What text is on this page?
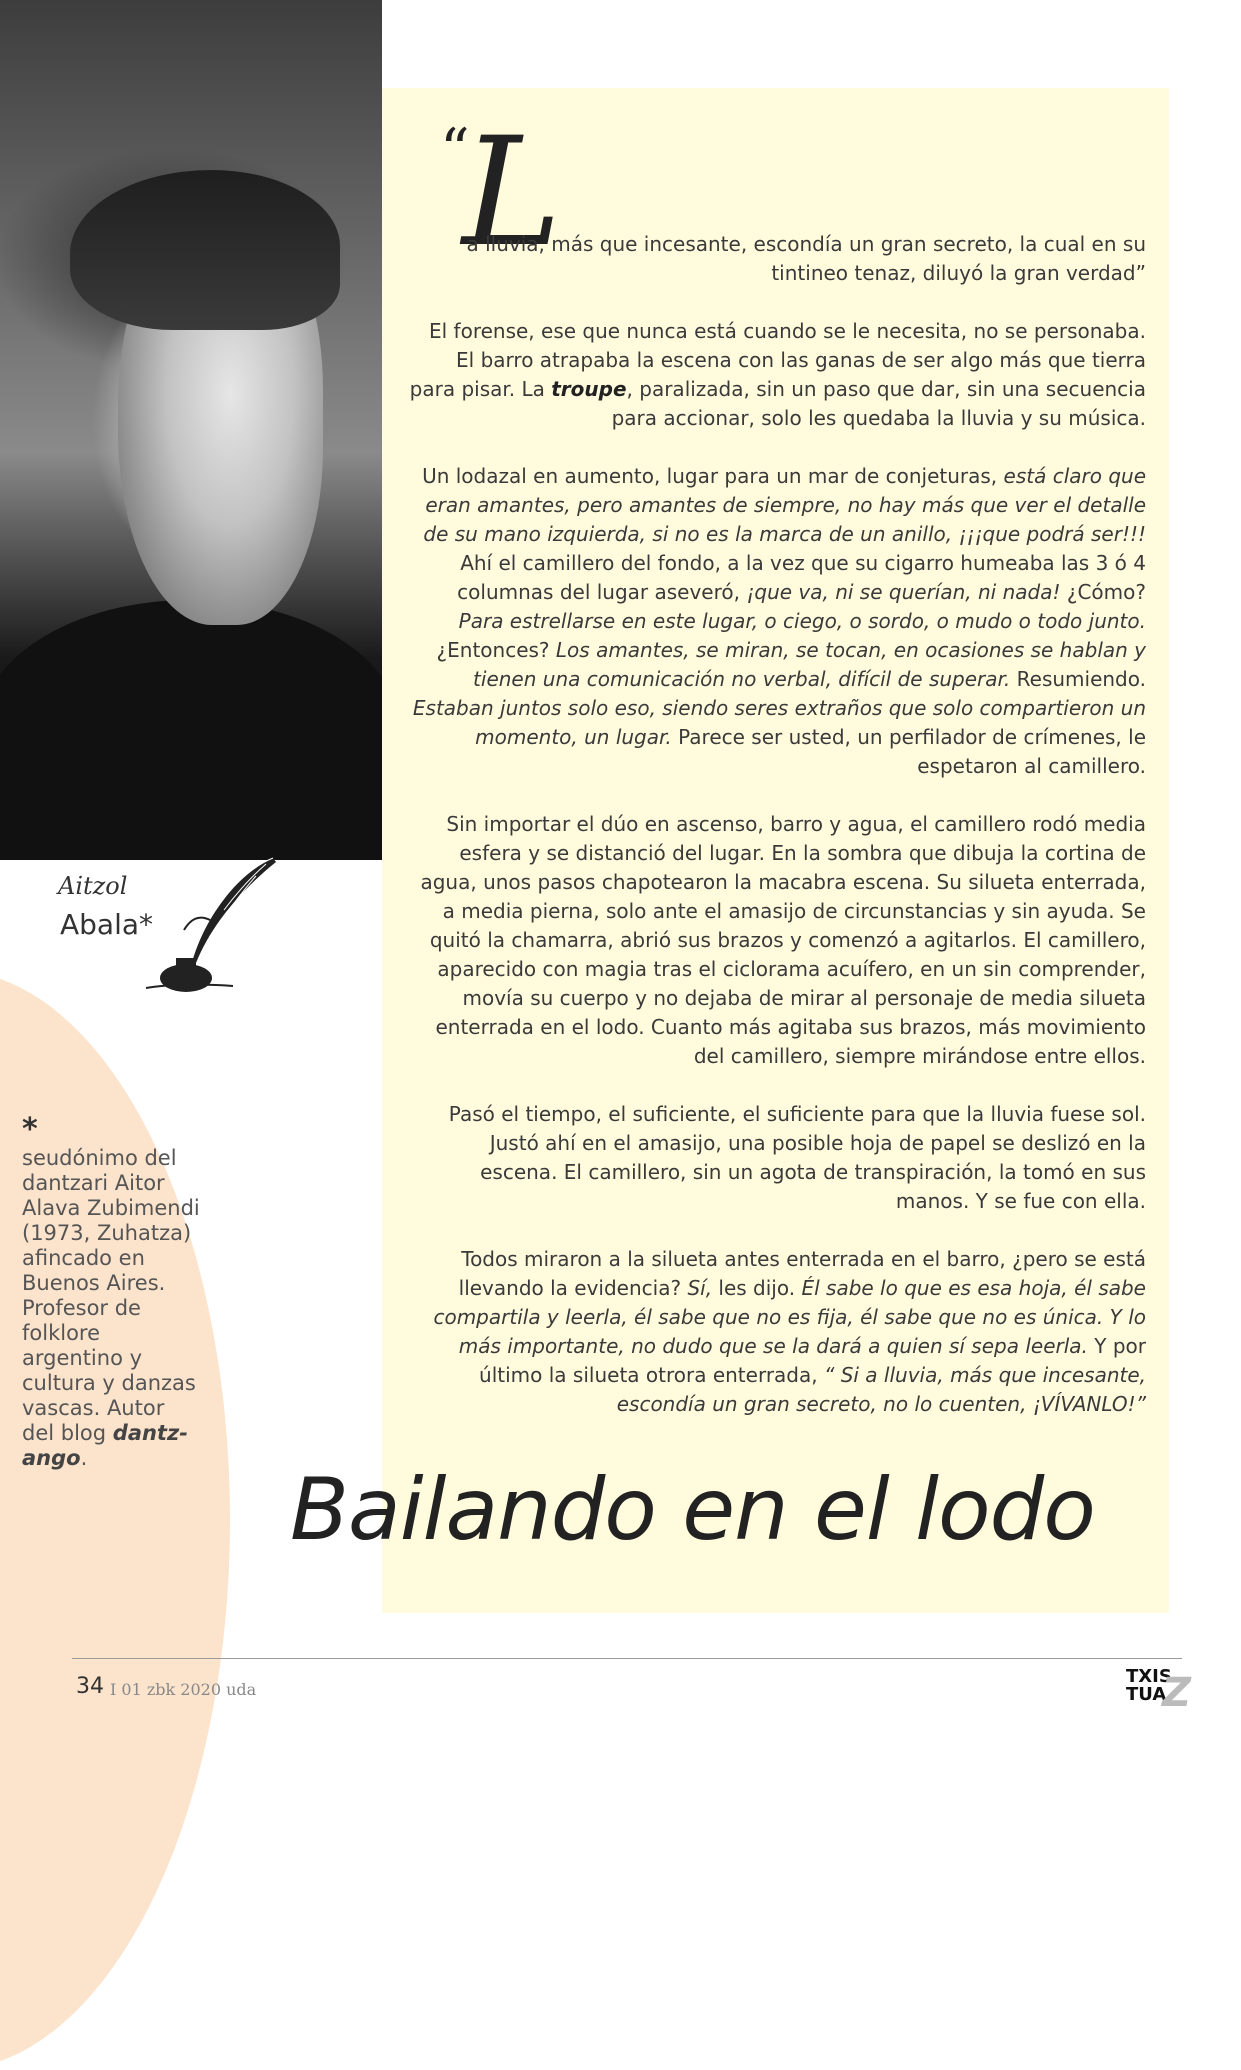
“
L
a lluvia, más que incesante, escondía un gran secreto, la cual en su tintineo tenaz, diluyó la gran verdad”

El forense, ese que nunca está cuando se le necesita, no se personaba. El barro atrapaba la escena con las ganas de ser algo más que tierra para pisar. La troupe, paralizada, sin un paso que dar, sin una secuencia para accionar, solo les quedaba la lluvia y su música.

Un lodazal en aumento, lugar para un mar de conjeturas, está claro que eran amantes, pero amantes de siempre, no hay más que ver el detalle de su mano izquierda, si no es la marca de un anillo, ¡¡¡que podrá ser!!! Ahí el camillero del fondo, a la vez que su cigarro humeaba las 3 ó 4 columnas del lugar aseveró, ¡que va, ni se querían, ni nada! ¿Cómo? Para estrellarse en este lugar, o ciego, o sordo, o mudo o todo junto. ¿Entonces? Los amantes, se miran, se tocan, en ocasiones se hablan y tienen una comunicación no verbal, difícil de superar. Resumiendo. Estaban juntos solo eso, siendo seres extraños que solo compartieron un momento, un lugar. Parece ser usted, un perfilador de crímenes, le espetaron al camillero.

Sin importar el dúo en ascenso, barro y agua, el camillero rodó media esfera y se distanció del lugar. En la sombra que dibuja la cortina de agua, unos pasos chapotearon la macabra escena. Su silueta enterrada, a media pierna, solo ante el amasijo de circunstancias y sin ayuda. Se quitó la chamarra, abrió sus brazos y comenzó a agitarlos. El camillero, aparecido con magia tras el ciclorama acuífero, en un sin comprender, movía su cuerpo y no dejaba de mirar al personaje de media silueta enterrada en el lodo. Cuanto más agitaba sus brazos, más movimiento del camillero, siempre mirándose entre ellos.

Pasó el tiempo, el suficiente, el suficiente para que la lluvia fuese sol. Justó ahí en el amasijo, una posible hoja de papel se deslizó en la escena. El camillero, sin un agota de transpiración, la tomó en sus manos. Y se fue con ella.

Todos miraron a la silueta antes enterrada en el barro, ¿pero se está llevando la evidencia? Sí, les dijo. Él sabe lo que es esa hoja, él sabe compartila y leerla, él sabe que no es fija, él sabe que no es única. Y lo más importante, no dudo que se la dará a quien sí sepa leerla. Y por último la silueta otrora enterrada, “ Si a lluvia, más que incesante, escondía un gran secreto, no lo cuenten, ¡VÍVANLO!”

Aitzol
Abala*
*
seudónimo del dantzari Aitor Alava Zubimendi (1973, Zuhatza) afincado en Buenos Aires. Profesor de folklore argentino y cultura y danzas vascas. Autor del blog dantz-ango.
Bailando en el lodo
34 I 01 zbk 2020 uda
TXIS
TUA
Z
